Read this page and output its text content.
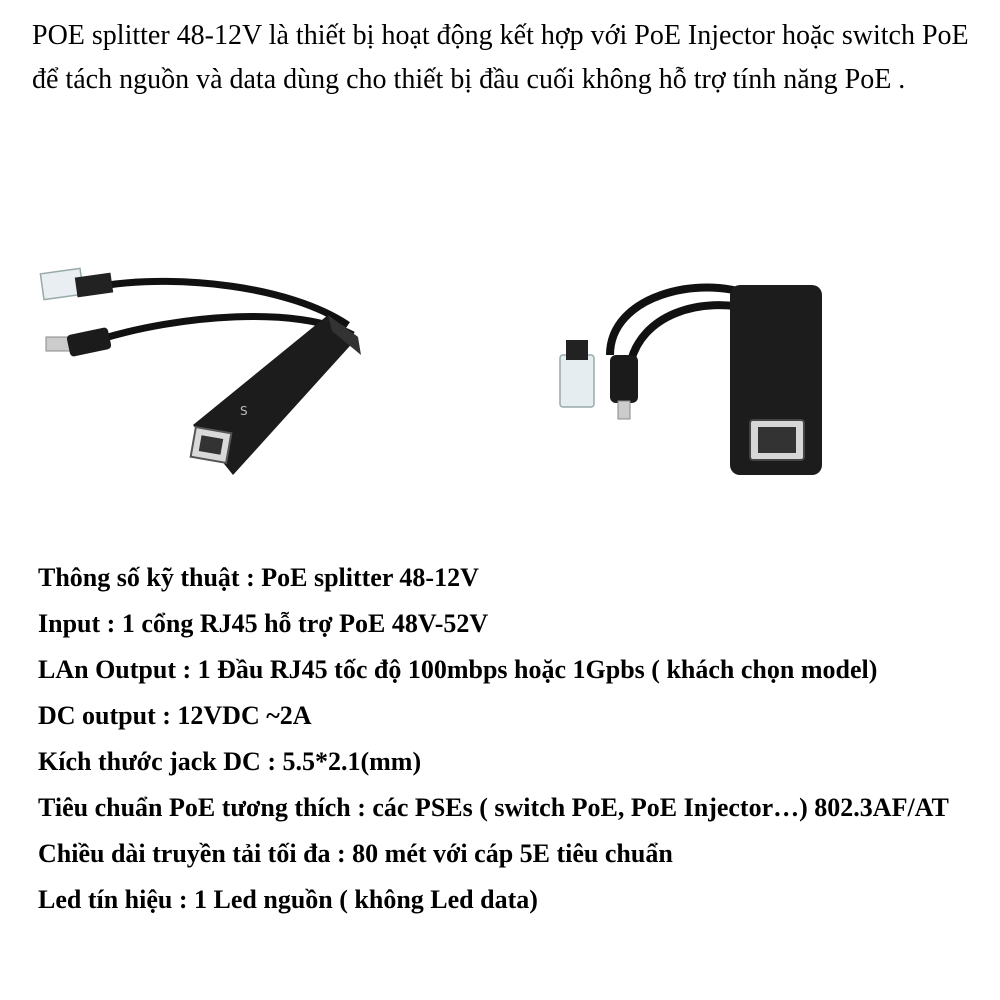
POE splitter 48-12V là thiết bị hoạt động kết hợp với PoE Injector hoặc switch PoE để tách nguồn và data dùng cho thiết bị đầu cuối không hỗ trợ tính năng PoE .

S
Thông số kỹ thuật : PoE splitter 48-12V
Input : 1 cổng RJ45 hỗ trợ PoE 48V-52V
LAn Output : 1 Đầu RJ45 tốc độ 100mbps hoặc 1Gpbs ( khách chọn model)
DC output : 12VDC ~2A
Kích thước jack DC : 5.5*2.1(mm)
Tiêu chuẩn PoE tương thích : các PSEs ( switch PoE, PoE Injector…) 802.3AF/AT
Chiều dài truyền tải tối đa : 80 mét với cáp 5E tiêu chuẩn
Led tín hiệu : 1 Led nguồn ( không Led data)
